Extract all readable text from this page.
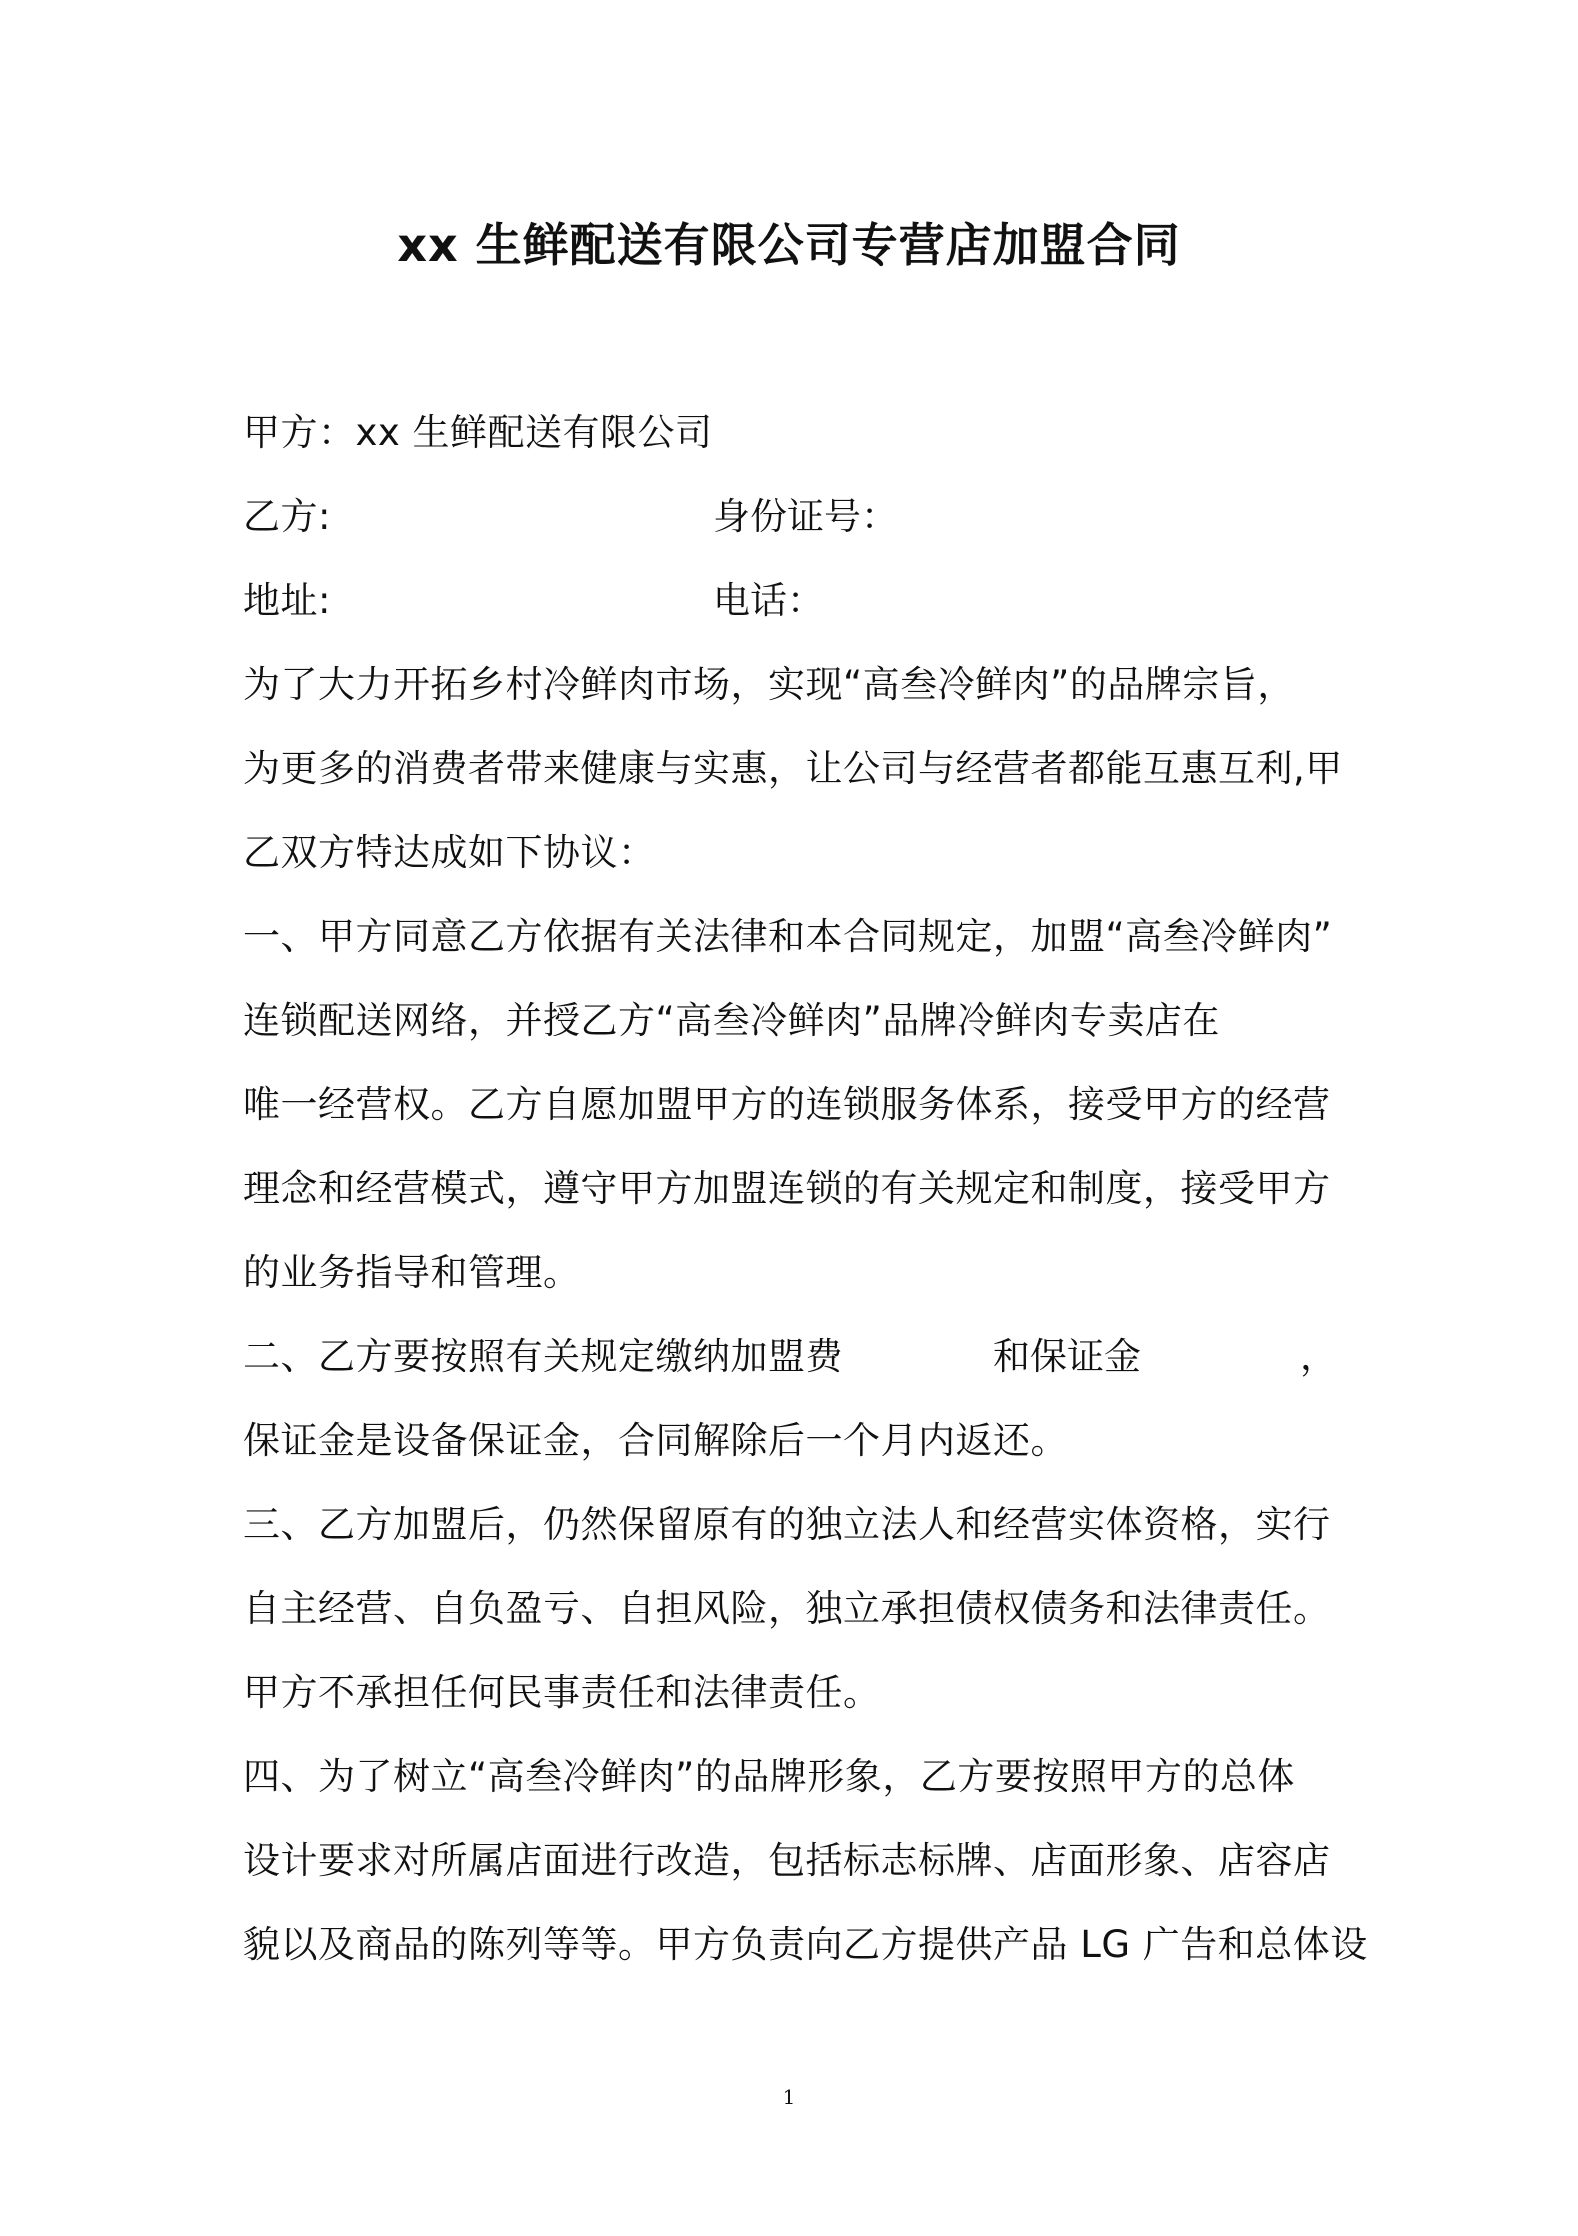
xx 生鲜配送有限公司专营店加盟合同
甲方：xx 生鲜配送有限公司
乙方:	身份证号：
地址:	电话：
为了大力开拓乡村冷鲜肉市场，实现“高叁冷鲜肉”的品牌宗旨，
为更多的消费者带来健康与实惠，让公司与经营者都能互惠互利,甲
乙双方特达成如下协议：
一、甲方同意乙方依据有关法律和本合同规定，加盟“高叁冷鲜肉”
连锁配送网络，并授乙方“高叁冷鲜肉”品牌冷鲜肉专卖店在
唯一经营权。乙方自愿加盟甲方的连锁服务体系，接受甲方的经营
理念和经营模式，遵守甲方加盟连锁的有关规定和制度，接受甲方
的业务指导和管理。
二、乙方要按照有关规定缴纳加盟费	和保证金	，
保证金是设备保证金，合同解除后一个月内返还。
三、乙方加盟后，仍然保留原有的独立法人和经营实体资格，实行
自主经营、自负盈亏、自担风险，独立承担债权债务和法律责任。
甲方不承担任何民事责任和法律责任。
四、为了树立“高叁冷鲜肉”的品牌形象，乙方要按照甲方的总体
设计要求对所属店面进行改造，包括标志标牌、店面形象、店容店
貌以及商品的陈列等等。甲方负责向乙方提供产品 LG 广告和总体设
1
